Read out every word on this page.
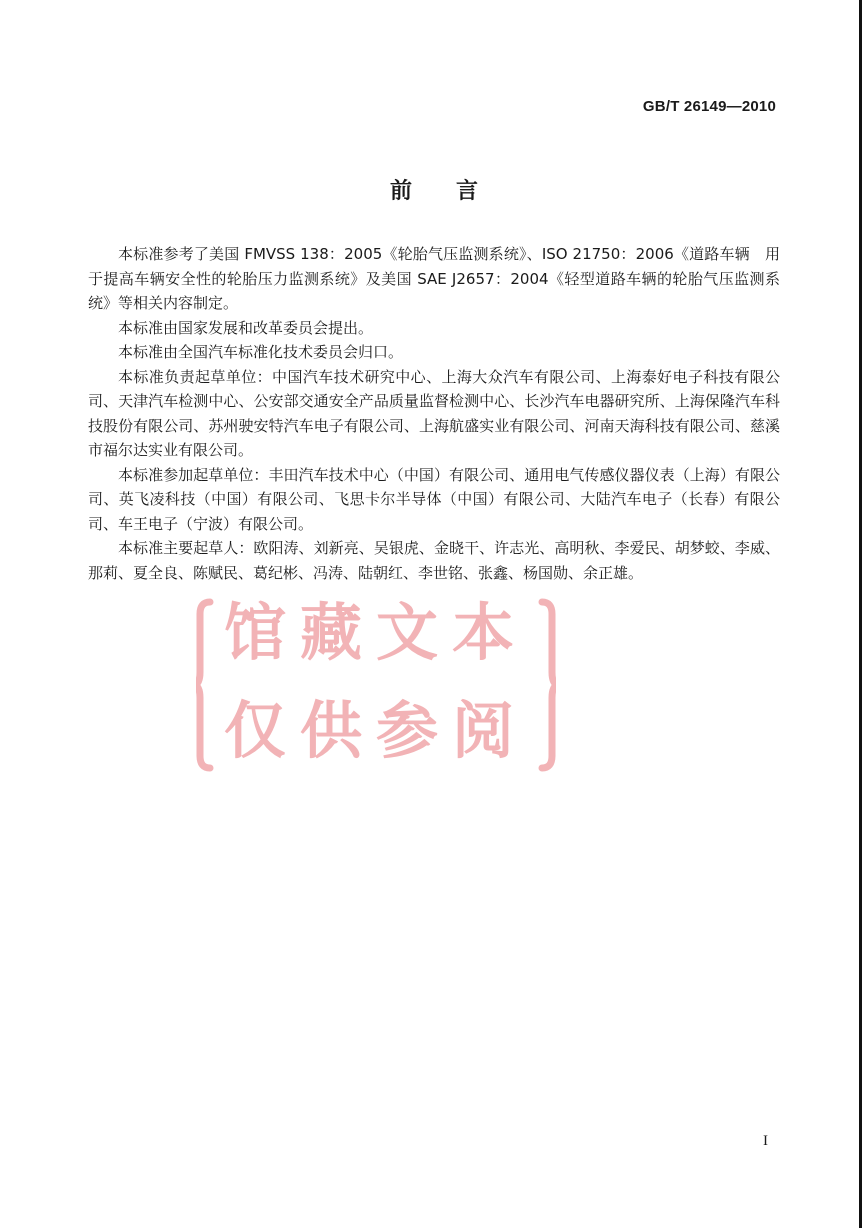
GB/T 26149—2010
前言

本标准参考了美国 FMVSS 138：2005《轮胎气压监测系统》、ISO 21750：2006《道路车辆　用于提高车辆安全性的轮胎压力监测系统》及美国 SAE J2657：2004《轻型道路车辆的轮胎气压监测系统》等相关内容制定。

本标准由国家发展和改革委员会提出。

本标准由全国汽车标准化技术委员会归口。

本标准负责起草单位：中国汽车技术研究中心、上海大众汽车有限公司、上海泰好电子科技有限公司、天津汽车检测中心、公安部交通安全产品质量监督检测中心、长沙汽车电器研究所、上海保隆汽车科技股份有限公司、苏州驶安特汽车电子有限公司、上海航盛实业有限公司、河南天海科技有限公司、慈溪市福尔达实业有限公司。

本标准参加起草单位：丰田汽车技术中心（中国）有限公司、通用电气传感仪器仪表（上海）有限公司、英飞凌科技（中国）有限公司、飞思卡尔半导体（中国）有限公司、大陆汽车电子（长春）有限公司、车王电子（宁波）有限公司。

本标准主要起草人：欧阳涛、刘新亮、吴银虎、金晓干、许志光、高明秋、李爱民、胡梦蛟、李威、那莉、夏全良、陈赋民、葛纪彬、冯涛、陆朝红、李世铭、张鑫、杨国勋、余正雄。

馆藏文本
仅供参阅
I
